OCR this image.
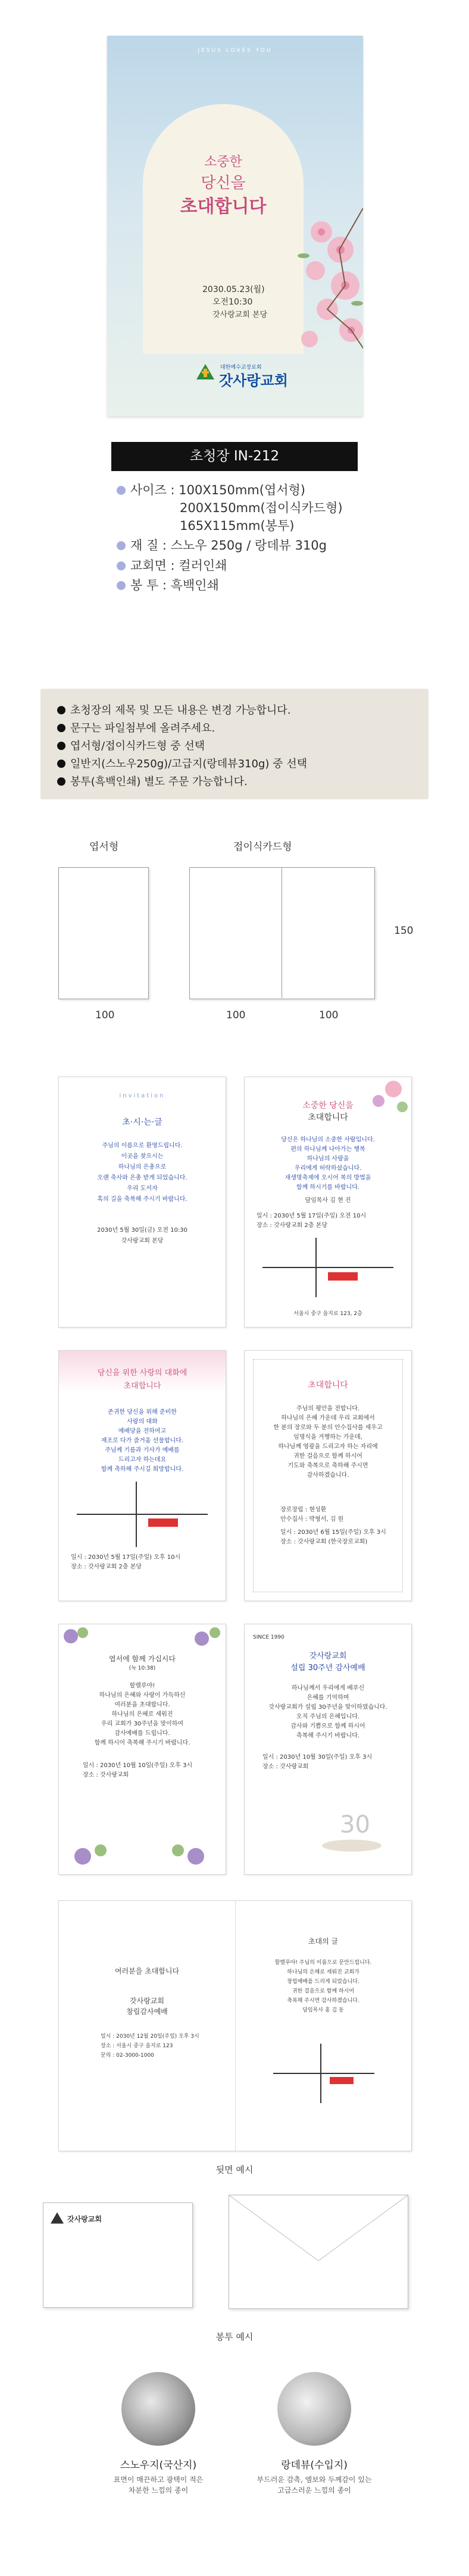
JESUS LOVES YOU
소중한
당신을
초대합니다
2030.05.23(월)
오전10:30
갓사랑교회 본당
대한예수교장로회
갓사랑교회
초청장 IN-212
사이즈 : 100X150mm(엽서형)
200X150mm(접이식카드형)
165X115mm(봉투)
재 질 : 스노우 250g / 랑데뷰 310g
교회면 : 컬러인쇄
봉 투 : 흑백인쇄
초청장의 제목 및 모든 내용은 변경 가능합니다.
문구는 파일첨부에 올려주세요.
엽서형/접이식카드형 중 선택
일반지(스노우250g)/고급지(랑데뷰310g) 중 선택
봉투(흑백인쇄) 별도 주문 가능합니다.
엽서형	접이식카드형
150
100	100	100
invitation
초·시·는·글
주님의 이름으로 환영드립니다.
이곳을 찾으시는
하나님의 은총으로
오랜 축사와 은총 받게 되었습니다.
우리 도서자
혹의 길을 축복해 주시기 바랍니다.
2030년 5월 30일(금) 오전 10:30
갓사랑교회 본당
소중한 당신을
초대합니다
당신은 하나님의 소중한 사람입니다.
편의 하나님께 나아가는 행복
하나님의 사랑을
우리에게 허락하셨습니다.
새생명축제에 오시어 복의 방법을
함께 하시기를 바랍니다.
담임목사 김 현 진
일시 : 2030년 5월 17일(주일) 오전 10시
장소 : 갓사랑교회 2층 본당
서울시 중구 을지로 123, 2층
당신을 위한 사랑의 대화에
초대합니다
존귀한 당신을 위해 준비한
사랑의 대화
예배당을 전하여고
재조로 다가 즐거움 선물합니다.
주님께 기름과 기사가 예배를
드리고자 하는데요
함께 축하해 주시길 희망합니다.
일시 : 2030년 5월 17일(주일) 오후 10시
장소 : 갓사랑교회 2층 본당
초대합니다
주님의 평안을 전합니다.
하나님의 은혜 가운데 우리 교회에서
한 분의 장로와 두 분의 안수집사를 세우고
임명식을 거행하는 가운데,
하나님께 영광을 드리고자 하는 자리에
귀한 걸음으로 함께 하시어
기도와 축복으로 축하해 주시면
감사하겠습니다.
장로장립 : 현성환
안수집사 : 박형서, 김 원
일시 : 2030년 6월 15일(주일) 오후 3시
장소 : 갓사랑교회 (한국장로교회)
엽서에 함께 가십시다
(눅 10:38)
할렐루야!
하나님의 은혜와 사랑이 가득하신
여러분을 초대합니다.
하나님의 은혜로 세워진
우리 교회가 30주년을 맞이하여
감사예배를 드립니다.
함께 하시어 축복해 주시기 바랍니다.
일시 : 2030년 10월 10일(주일) 오후 3시
장소 : 갓사랑교회
SINCE 1990
갓사랑교회
설립 30주년 감사예배
하나님께서 우리에게 베푸신
은혜를 기억하며
갓사랑교회가 설립 30주년을 맞이하였습니다.
오직 주님의 은혜입니다.
감사와 기쁨으로 함께 하시어
축복해 주시기 바랍니다.
일시 : 2030년 10월 30일(주일) 오후 3시
장소 : 갓사랑교회
30
여러분을 초대합니다
갓사랑교회
창립감사예배
일시 : 2030년 12월 20일(주일) 오후 3시
장소 : 서울시 중구 을지로 123
문의 : 02-3000-1000
초대의 글
할렐루야! 주님의 이름으로 문안드립니다.
하나님의 은혜로 세워진 교회가
창립예배를 드리게 되었습니다.
귀한 걸음으로 함께 하시어
축복해 주시면 감사하겠습니다.
담임목사 홍 길 동
뒷면 예시
갓사랑교회
봉투 예시
스노우지(국산지)
표면이 매끈하고 광택이 적은
차분한 느낌의 종이
랑데뷰(수입지)
부드러운 감촉, 엠보와 두께감이 있는
고급스러운 느낌의 종이
